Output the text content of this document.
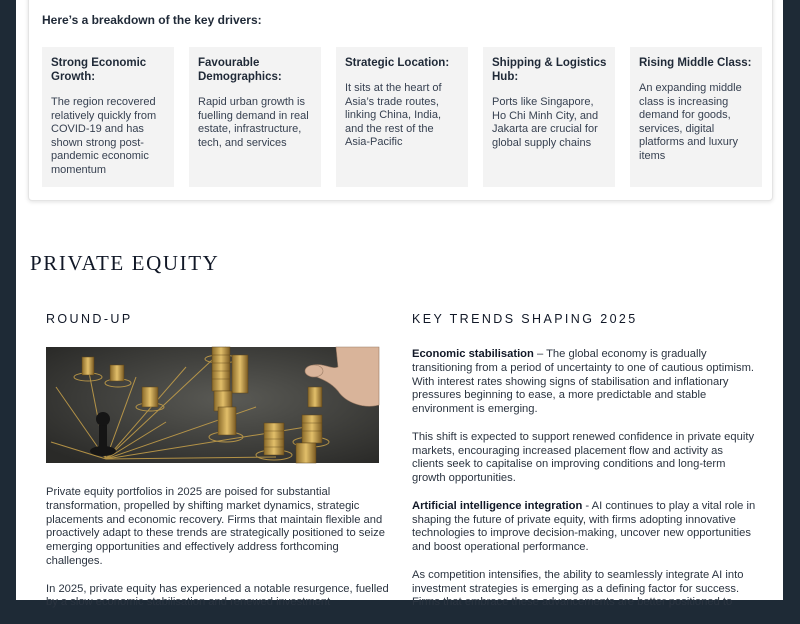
Here’s a breakdown of the key drivers:

Strong Economic Growth:

The region recovered relatively quickly from COVID-19 and has shown strong post-pandemic economic momentum

Favourable Demographics:

Rapid urban growth is fuelling demand in real estate, infrastructure, tech, and services

Strategic Location:

It sits at the heart of Asia’s trade routes, linking China, India, and the rest of the Asia-Pacific

Shipping & Logistics Hub:

Ports like Singapore, Ho Chi Minh City, and Jakarta are crucial for global supply chains

Rising Middle Class:

An expanding middle class is increasing demand for goods, services, digital platforms and luxury items

PRIVATE EQUITY
ROUND-UP	KEY TRENDS SHAPING 2025

Private equity portfolios in 2025 are poised for substantial transformation, propelled by shifting market dynamics, strategic placements and economic recovery. Firms that maintain flexible and proactively adapt to these trends are strategically positioned to seize emerging opportunities and effectively address forthcoming challenges.

In 2025, private equity has experienced a notable resurgence, fuelled by a slow economic stabilisation and renewed investment

Economic stabilisation – The global economy is gradually transitioning from a period of uncertainty to one of cautious optimism. With interest rates showing signs of stabilisation and inflationary pressures beginning to ease, a more predictable and stable environment is emerging.

This shift is expected to support renewed confidence in private equity markets, encouraging increased placement flow and activity as clients seek to capitalise on improving conditions and long-term growth opportunities.

Artificial intelligence integration - AI continues to play a vital role in shaping the future of private equity, with firms adopting innovative technologies to improve decision-making, uncover new opportunities and boost operational performance.

As competition intensifies, the ability to seamlessly integrate AI into investment strategies is emerging as a defining factor for success. Firms that embrace these advancements are better positioned to
